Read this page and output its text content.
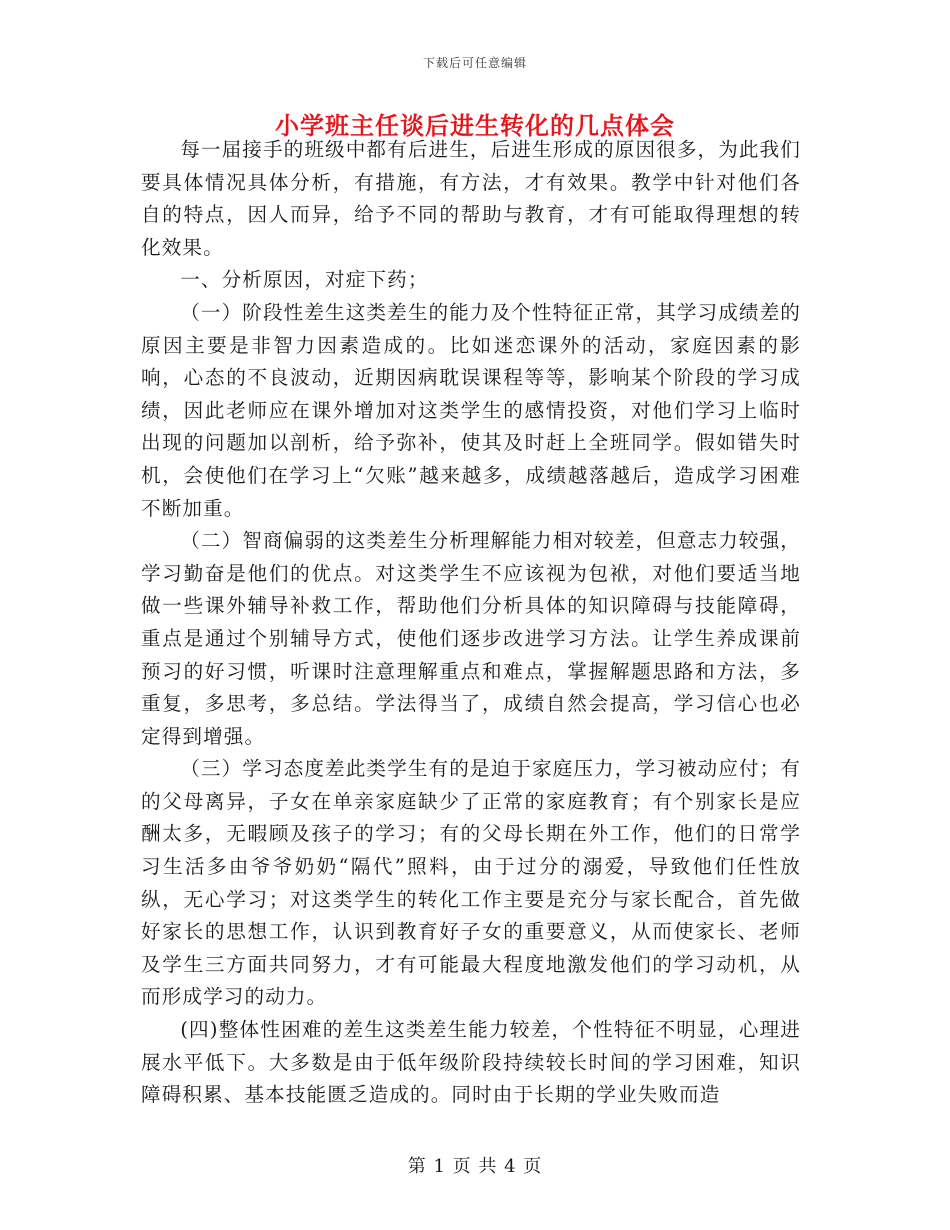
下载后可任意编辑
小学班主任谈后进生转化的几点体会

每一届接手的班级中都有后进生，后进生形成的原因很多，为此我们要具体情况具体分析，有措施，有方法，才有效果。教学中针对他们各自的特点，因人而异，给予不同的帮助与教育，才有可能取得理想的转化效果。

一、分析原因，对症下药；

（一）阶段性差生这类差生的能力及个性特征正常，其学习成绩差的原因主要是非智力因素造成的。比如迷恋课外的活动，家庭因素的影响，心态的不良波动，近期因病耽误课程等等，影响某个阶段的学习成绩，因此老师应在课外增加对这类学生的感情投资，对他们学习上临时出现的问题加以剖析，给予弥补，使其及时赶上全班同学。假如错失时机，会使他们在学习上“欠账”越来越多，成绩越落越后，造成学习困难不断加重。

（二）智商偏弱的这类差生分析理解能力相对较差，但意志力较强，学习勤奋是他们的优点。对这类学生不应该视为包袱，对他们要适当地做一些课外辅导补救工作，帮助他们分析具体的知识障碍与技能障碍，重点是通过个别辅导方式，使他们逐步改进学习方法。让学生养成课前预习的好习惯，听课时注意理解重点和难点，掌握解题思路和方法，多重复，多思考，多总结。学法得当了，成绩自然会提高，学习信心也必定得到增强。

（三）学习态度差此类学生有的是迫于家庭压力，学习被动应付；有的父母离异，子女在单亲家庭缺少了正常的家庭教育；有个别家长是应酬太多，无暇顾及孩子的学习；有的父母长期在外工作，他们的日常学习生活多由爷爷奶奶“隔代”照料，由于过分的溺爱，导致他们任性放纵，无心学习；对这类学生的转化工作主要是充分与家长配合，首先做好家长的思想工作，认识到教育好子女的重要意义，从而使家长、老师及学生三方面共同努力，才有可能最大程度地激发他们的学习动机，从而形成学习的动力。

(四)整体性困难的差生这类差生能力较差，个性特征不明显，心理进展水平低下。大多数是由于低年级阶段持续较长时间的学习困难，知识障碍积累、基本技能匮乏造成的。同时由于长期的学业失败而造

第 1 页 共 4 页
